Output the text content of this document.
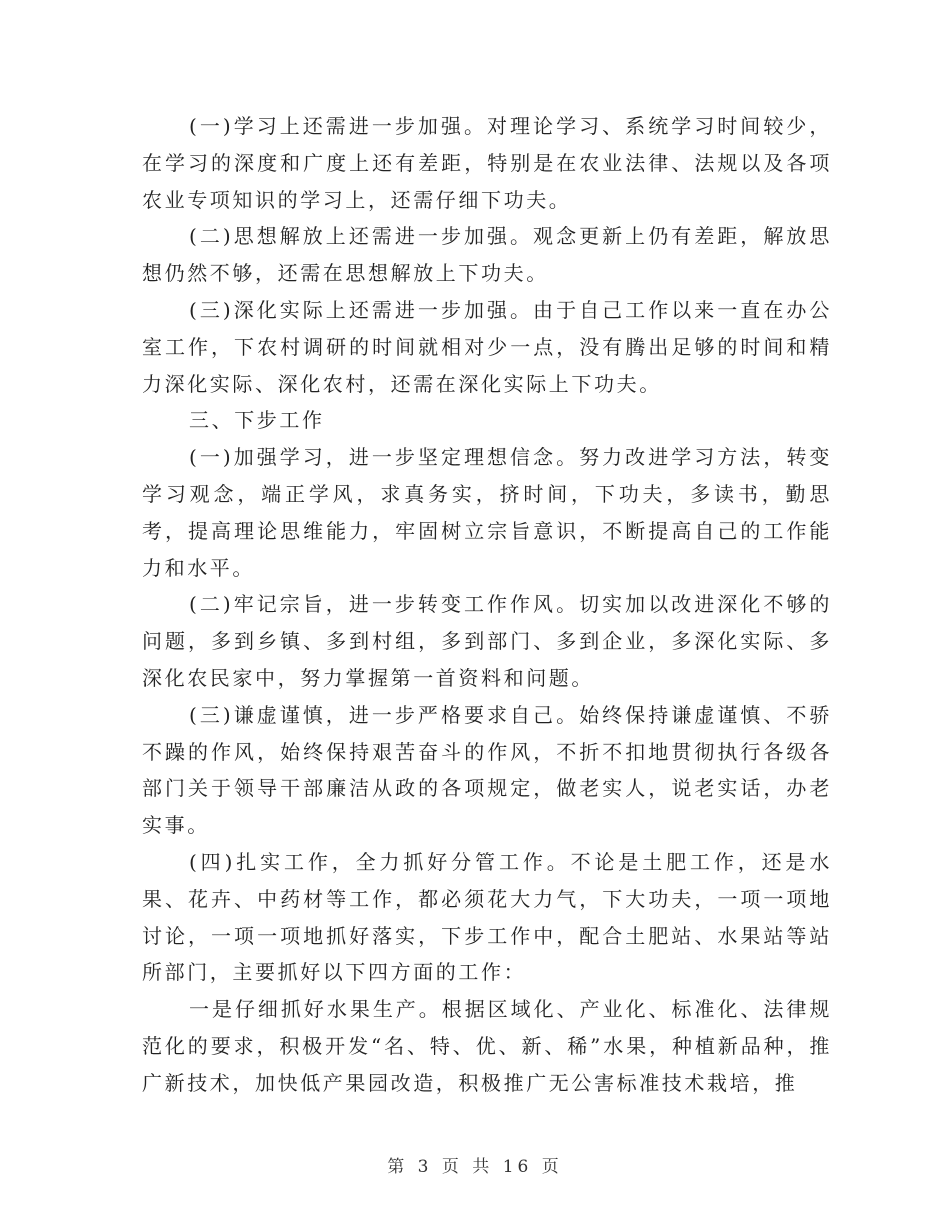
(一)学习上还需进一步加强。对理论学习、系统学习时间较少，在学习的深度和广度上还有差距，特别是在农业法律、法规以及各项农业专项知识的学习上，还需仔细下功夫。

(二)思想解放上还需进一步加强。观念更新上仍有差距，解放思想仍然不够，还需在思想解放上下功夫。

(三)深化实际上还需进一步加强。由于自己工作以来一直在办公室工作，下农村调研的时间就相对少一点，没有腾出足够的时间和精力深化实际、深化农村，还需在深化实际上下功夫。

三、下步工作

(一)加强学习，进一步坚定理想信念。努力改进学习方法，转变学习观念，端正学风，求真务实，挤时间，下功夫，多读书，勤思考，提高理论思维能力，牢固树立宗旨意识，不断提高自己的工作能力和水平。

(二)牢记宗旨，进一步转变工作作风。切实加以改进深化不够的问题，多到乡镇、多到村组，多到部门、多到企业，多深化实际、多深化农民家中，努力掌握第一首资料和问题。

(三)谦虚谨慎，进一步严格要求自己。始终保持谦虚谨慎、不骄不躁的作风，始终保持艰苦奋斗的作风，不折不扣地贯彻执行各级各部门关于领导干部廉洁从政的各项规定，做老实人，说老实话，办老实事。

(四)扎实工作，全力抓好分管工作。不论是土肥工作，还是水果、花卉、中药材等工作，都必须花大力气，下大功夫，一项一项地讨论，一项一项地抓好落实，下步工作中，配合土肥站、水果站等站所部门，主要抓好以下四方面的工作：

一是仔细抓好水果生产。根据区域化、产业化、标准化、法律规范化的要求，积极开发“名、特、优、新、稀”水果，种植新品种，推广新技术，加快低产果园改造，积极推广无公害标准技术栽培，推

第 3 页 共 16 页
